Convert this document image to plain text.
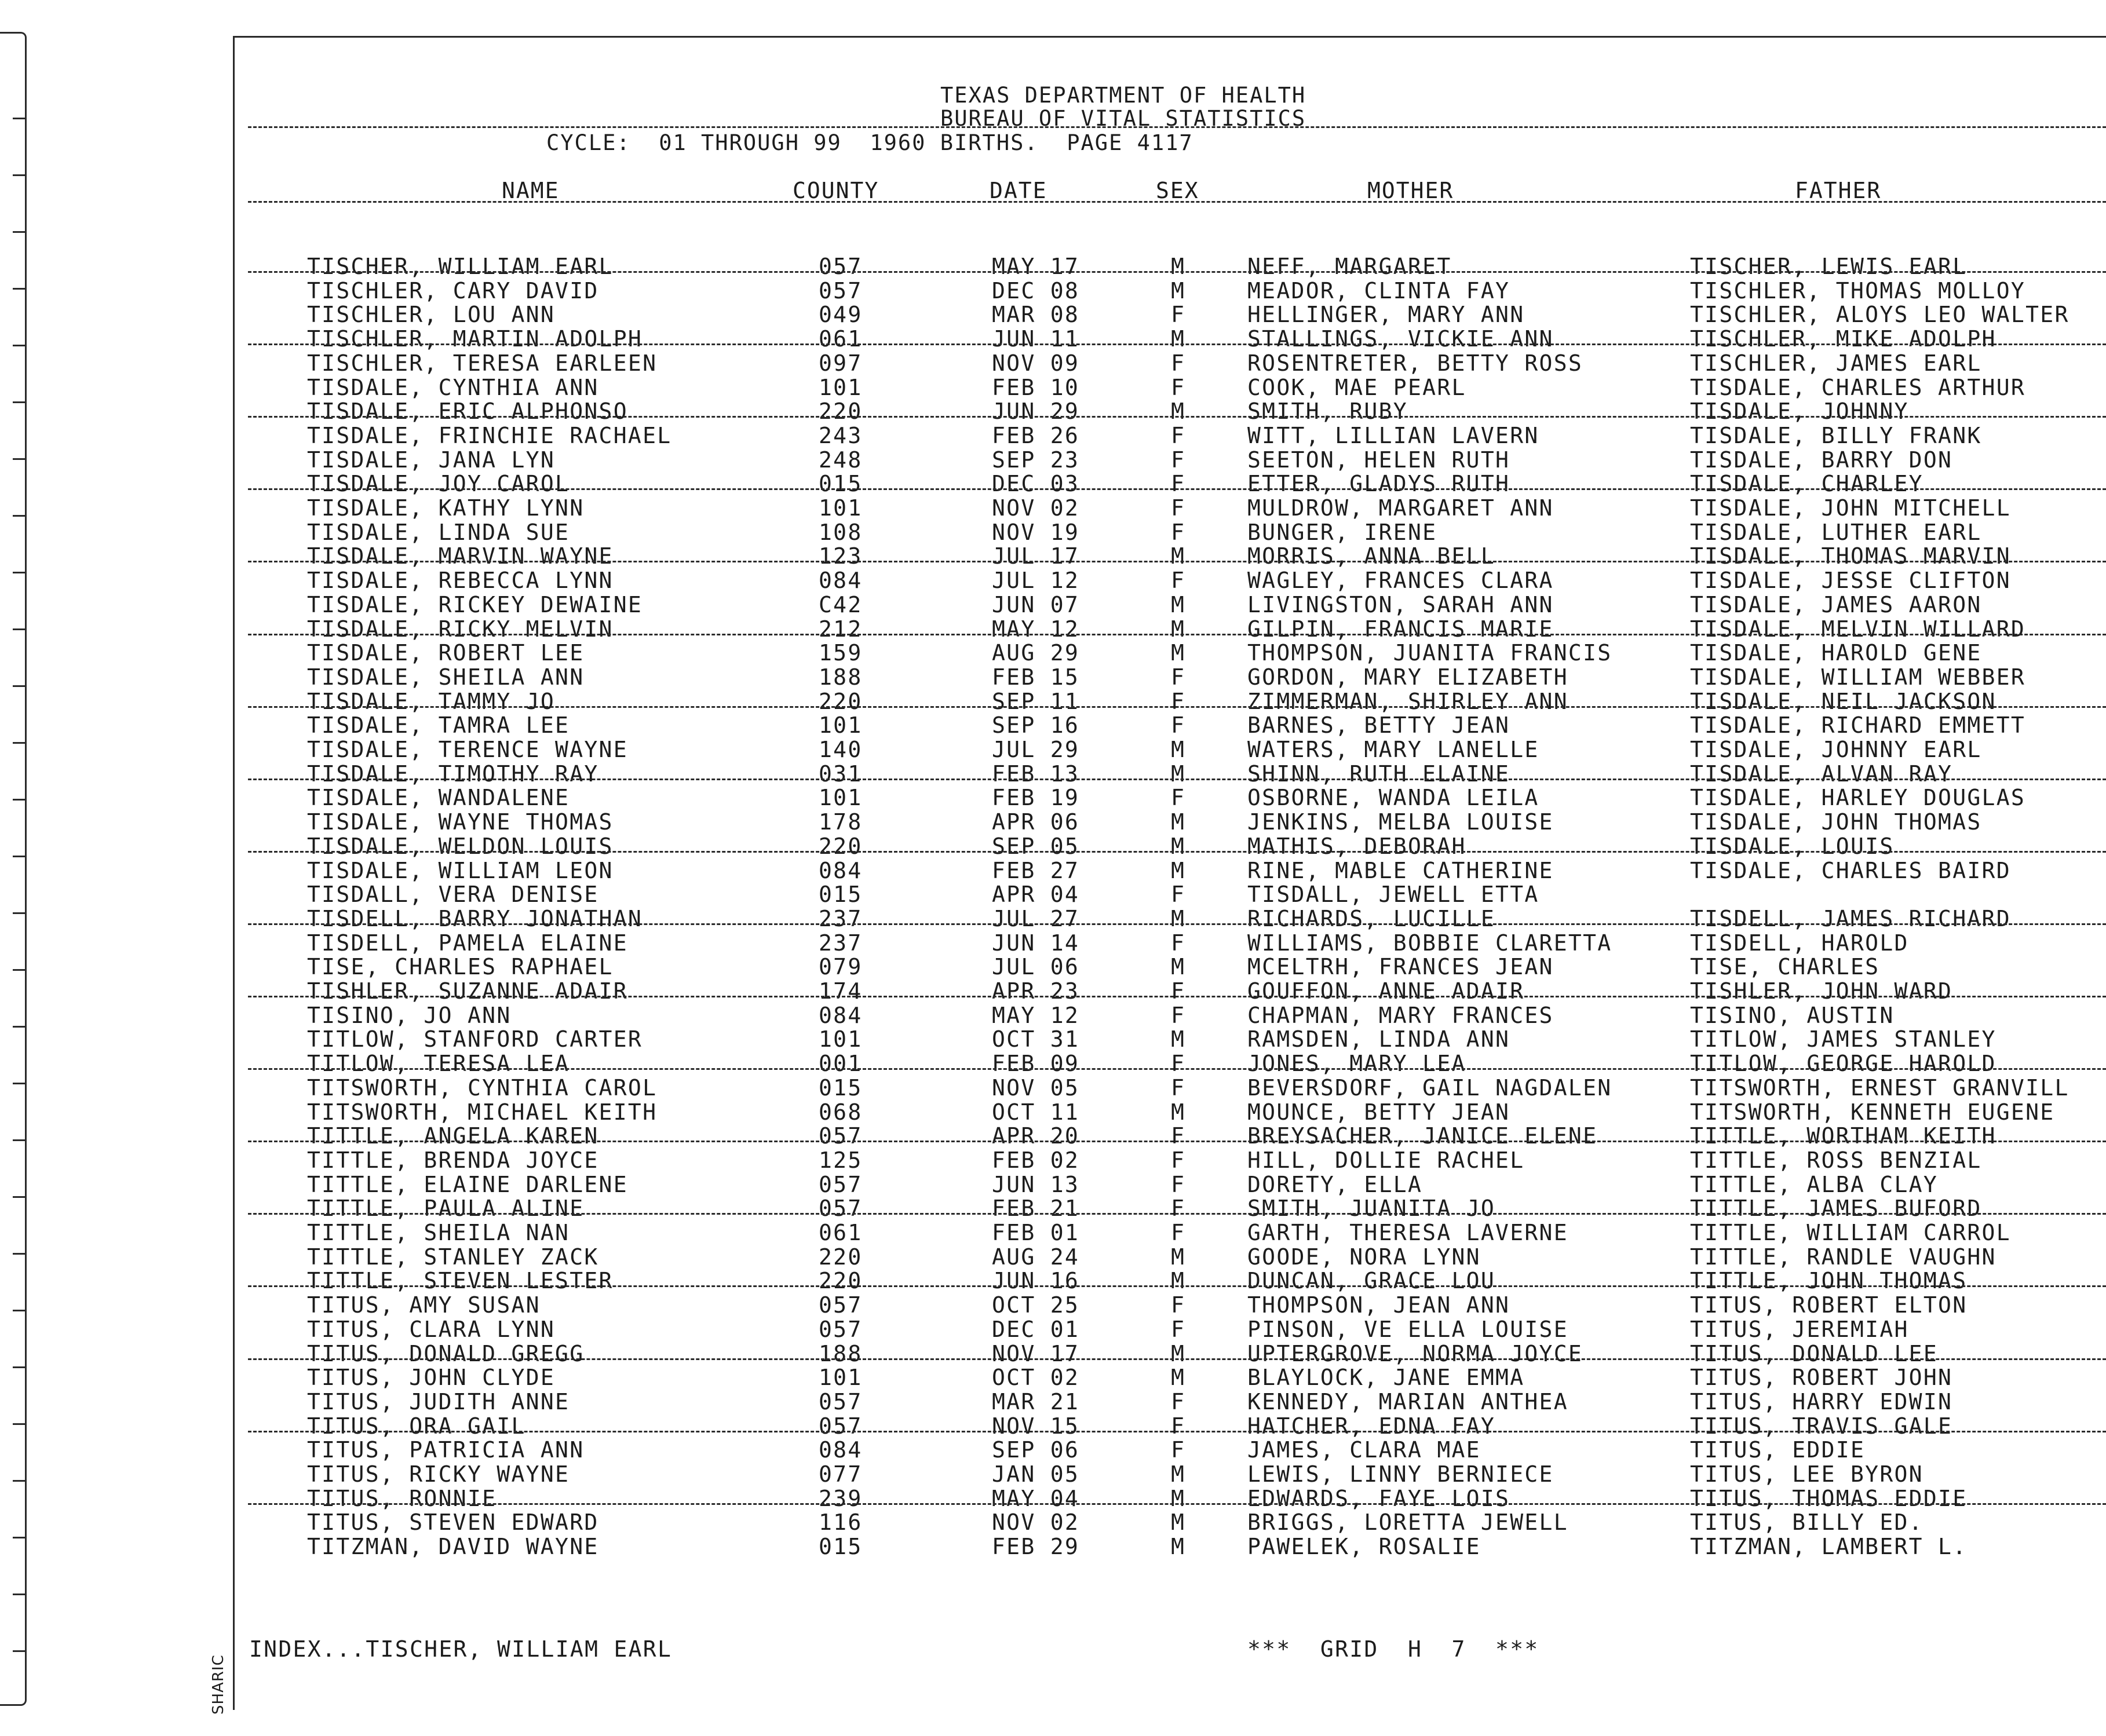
TEXAS DEPARTMENT OF HEALTH
BUREAU OF VITAL STATISTICS
CYCLE:  01 THROUGH 99  1960 BIRTHS.  PAGE 4117
NAME	COUNTY	DATE	SEX	MOTHER	FATHER
TISCHER, WILLIAM EARL	057	MAY 17	M	NEFF, MARGARET	TISCHER, LEWIS EARL
TISCHLER, CARY DAVID	057	DEC 08	M	MEADOR, CLINTA FAY	TISCHLER, THOMAS MOLLOY
TISCHLER, LOU ANN	049	MAR 08	F	HELLINGER, MARY ANN	TISCHLER, ALOYS LEO WALTER
TISCHLER, MARTIN ADOLPH	061	JUN 11	M	STALLINGS, VICKIE ANN	TISCHLER, MIKE ADOLPH
TISCHLER, TERESA EARLEEN	097	NOV 09	F	ROSENTRETER, BETTY ROSS	TISCHLER, JAMES EARL
TISDALE, CYNTHIA ANN	101	FEB 10	F	COOK, MAE PEARL	TISDALE, CHARLES ARTHUR
TISDALE, ERIC ALPHONSO	220	JUN 29	M	SMITH, RUBY	TISDALE, JOHNNY
TISDALE, FRINCHIE RACHAEL	243	FEB 26	F	WITT, LILLIAN LAVERN	TISDALE, BILLY FRANK
TISDALE, JANA LYN	248	SEP 23	F	SEETON, HELEN RUTH	TISDALE, BARRY DON
TISDALE, JOY CAROL	015	DEC 03	F	ETTER, GLADYS RUTH	TISDALE, CHARLEY
TISDALE, KATHY LYNN	101	NOV 02	F	MULDROW, MARGARET ANN	TISDALE, JOHN MITCHELL
TISDALE, LINDA SUE	108	NOV 19	F	BUNGER, IRENE	TISDALE, LUTHER EARL
TISDALE, MARVIN WAYNE	123	JUL 17	M	MORRIS, ANNA BELL	TISDALE, THOMAS MARVIN
TISDALE, REBECCA LYNN	084	JUL 12	F	WAGLEY, FRANCES CLARA	TISDALE, JESSE CLIFTON
TISDALE, RICKEY DEWAINE	C42	JUN 07	M	LIVINGSTON, SARAH ANN	TISDALE, JAMES AARON
TISDALE, RICKY MELVIN	212	MAY 12	M	GILPIN, FRANCIS MARIE	TISDALE, MELVIN WILLARD
TISDALE, ROBERT LEE	159	AUG 29	M	THOMPSON, JUANITA FRANCIS	TISDALE, HAROLD GENE
TISDALE, SHEILA ANN	188	FEB 15	F	GORDON, MARY ELIZABETH	TISDALE, WILLIAM WEBBER
TISDALE, TAMMY JO	220	SEP 11	F	ZIMMERMAN, SHIRLEY ANN	TISDALE, NEIL JACKSON
TISDALE, TAMRA LEE	101	SEP 16	F	BARNES, BETTY JEAN	TISDALE, RICHARD EMMETT
TISDALE, TERENCE WAYNE	140	JUL 29	M	WATERS, MARY LANELLE	TISDALE, JOHNNY EARL
TISDALE, TIMOTHY RAY	031	FEB 13	M	SHINN, RUTH ELAINE	TISDALE, ALVAN RAY
TISDALE, WANDALENE	101	FEB 19	F	OSBORNE, WANDA LEILA	TISDALE, HARLEY DOUGLAS
TISDALE, WAYNE THOMAS	178	APR 06	M	JENKINS, MELBA LOUISE	TISDALE, JOHN THOMAS
TISDALE, WELDON LOUIS	220	SEP 05	M	MATHIS, DEBORAH	TISDALE, LOUIS
TISDALE, WILLIAM LEON	084	FEB 27	M	RINE, MABLE CATHERINE	TISDALE, CHARLES BAIRD
TISDALL, VERA DENISE	015	APR 04	F	TISDALL, JEWELL ETTA
TISDELL, BARRY JONATHAN	237	JUL 27	M	RICHARDS, LUCILLE	TISDELL, JAMES RICHARD
TISDELL, PAMELA ELAINE	237	JUN 14	F	WILLIAMS, BOBBIE CLARETTA	TISDELL, HAROLD
TISE, CHARLES RAPHAEL	079	JUL 06	M	MCELTRH, FRANCES JEAN	TISE, CHARLES
TISHLER, SUZANNE ADAIR	174	APR 23	F	GOUFFON, ANNE ADAIR	TISHLER, JOHN WARD
TISINO, JO ANN	084	MAY 12	F	CHAPMAN, MARY FRANCES	TISINO, AUSTIN
TITLOW, STANFORD CARTER	101	OCT 31	M	RAMSDEN, LINDA ANN	TITLOW, JAMES STANLEY
TITLOW, TERESA LEA	001	FEB 09	F	JONES, MARY LEA	TITLOW, GEORGE HAROLD
TITSWORTH, CYNTHIA CAROL	015	NOV 05	F	BEVERSDORF, GAIL NAGDALEN	TITSWORTH, ERNEST GRANVILL
TITSWORTH, MICHAEL KEITH	068	OCT 11	M	MOUNCE, BETTY JEAN	TITSWORTH, KENNETH EUGENE
TITTLE, ANGELA KAREN	057	APR 20	F	BREYSACHER, JANICE ELENE	TITTLE, WORTHAM KEITH
TITTLE, BRENDA JOYCE	125	FEB 02	F	HILL, DOLLIE RACHEL	TITTLE, ROSS BENZIAL
TITTLE, ELAINE DARLENE	057	JUN 13	F	DORETY, ELLA	TITTLE, ALBA CLAY
TITTLE, PAULA ALINE	057	FEB 21	F	SMITH, JUANITA JO	TITTLE, JAMES BUFORD
TITTLE, SHEILA NAN	061	FEB 01	F	GARTH, THERESA LAVERNE	TITTLE, WILLIAM CARROL
TITTLE, STANLEY ZACK	220	AUG 24	M	GOODE, NORA LYNN	TITTLE, RANDLE VAUGHN
TITTLE, STEVEN LESTER	220	JUN 16	M	DUNCAN, GRACE LOU	TITTLE, JOHN THOMAS
TITUS, AMY SUSAN	057	OCT 25	F	THOMPSON, JEAN ANN	TITUS, ROBERT ELTON
TITUS, CLARA LYNN	057	DEC 01	F	PINSON, VE ELLA LOUISE	TITUS, JEREMIAH
TITUS, DONALD GREGG	188	NOV 17	M	UPTERGROVE, NORMA JOYCE	TITUS, DONALD LEE
TITUS, JOHN CLYDE	101	OCT 02	M	BLAYLOCK, JANE EMMA	TITUS, ROBERT JOHN
TITUS, JUDITH ANNE	057	MAR 21	F	KENNEDY, MARIAN ANTHEA	TITUS, HARRY EDWIN
TITUS, ORA GAIL	057	NOV 15	F	HATCHER, EDNA FAY	TITUS, TRAVIS GALE
TITUS, PATRICIA ANN	084	SEP 06	F	JAMES, CLARA MAE	TITUS, EDDIE
TITUS, RICKY WAYNE	077	JAN 05	M	LEWIS, LINNY BERNIECE	TITUS, LEE BYRON
TITUS, RONNIE	239	MAY 04	M	EDWARDS, FAYE LOIS	TITUS, THOMAS EDDIE
TITUS, STEVEN EDWARD	116	NOV 02	M	BRIGGS, LORETTA JEWELL	TITUS, BILLY ED.
TITZMAN, DAVID WAYNE	015	FEB 29	M	PAWELEK, ROSALIE	TITZMAN, LAMBERT L.
INDEX...TISCHER, WILLIAM EARL	***  GRID  H  7  ***
SHARIC
